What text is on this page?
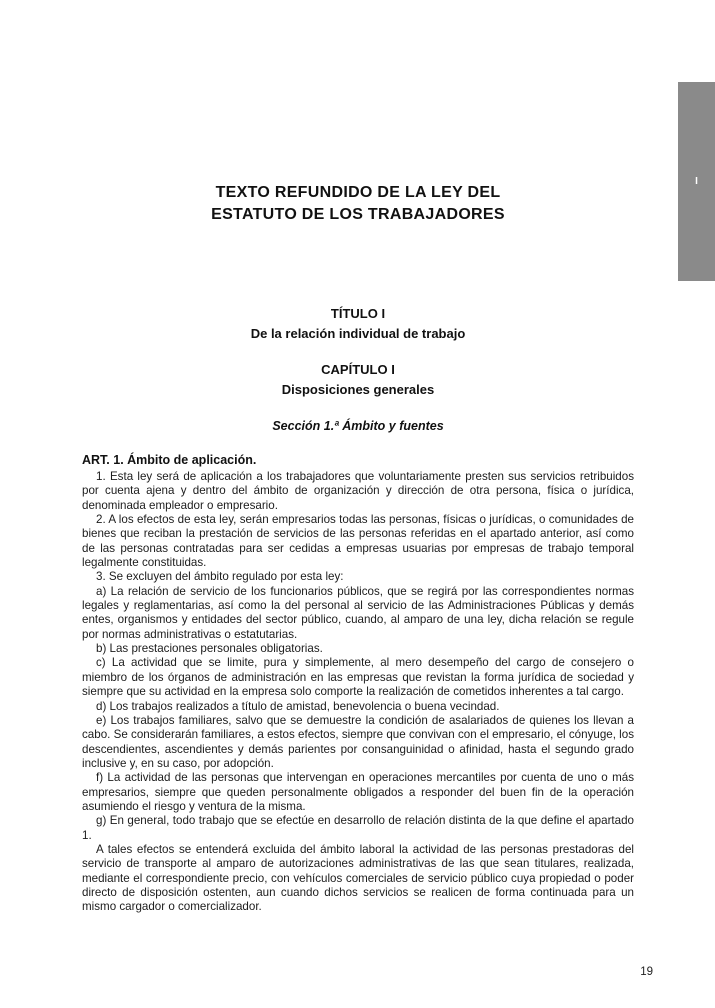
I
TEXTO REFUNDIDO DE LA LEY DEL
ESTATUTO DE LOS TRABAJADORES
TÍTULO I
De la relación individual de trabajo
CAPÍTULO I
Disposiciones generales
Sección 1.ª Ámbito y fuentes
ART. 1. Ámbito de aplicación.

1. Esta ley será de aplicación a los trabajadores que voluntariamente presten sus servicios retribuidos por cuenta ajena y dentro del ámbito de organización y dirección de otra persona, física o jurídica, denominada empleador o empresario.

2. A los efectos de esta ley, serán empresarios todas las personas, físicas o jurídicas, o comunidades de bienes que reciban la prestación de servicios de las personas referidas en el apartado anterior, así como de las personas contratadas para ser cedidas a empresas usuarias por empresas de trabajo temporal legalmente constituidas.

3. Se excluyen del ámbito regulado por esta ley:

a) La relación de servicio de los funcionarios públicos, que se regirá por las correspondientes normas legales y reglamentarias, así como la del personal al servicio de las Administraciones Públicas y demás entes, organismos y entidades del sector público, cuando, al amparo de una ley, dicha relación se regule por normas administrativas o estatutarias.

b) Las prestaciones personales obligatorias.

c) La actividad que se limite, pura y simplemente, al mero desempeño del cargo de consejero o miembro de los órganos de administración en las empresas que revistan la forma jurídica de sociedad y siempre que su actividad en la empresa solo comporte la realización de cometidos inherentes a tal cargo.

d) Los trabajos realizados a título de amistad, benevolencia o buena vecindad.

e) Los trabajos familiares, salvo que se demuestre la condición de asalariados de quienes los llevan a cabo. Se considerarán familiares, a estos efectos, siempre que convivan con el empresario, el cónyuge, los descendientes, ascendientes y demás parientes por consanguinidad o afinidad, hasta el segundo grado inclusive y, en su caso, por adopción.

f) La actividad de las personas que intervengan en operaciones mercantiles por cuenta de uno o más empresarios, siempre que queden personalmente obligados a responder del buen fin de la operación asumiendo el riesgo y ventura de la misma.

g) En general, todo trabajo que se efectúe en desarrollo de relación distinta de la que define el apartado 1.

A tales efectos se entenderá excluida del ámbito laboral la actividad de las personas prestadoras del servicio de transporte al amparo de autorizaciones administrativas de las que sean titulares, realizada, mediante el correspondiente precio, con vehículos comerciales de servicio público cuya propiedad o poder directo de disposición ostenten, aun cuando dichos servicios se realicen de forma continuada para un mismo cargador o comercializador.

19
